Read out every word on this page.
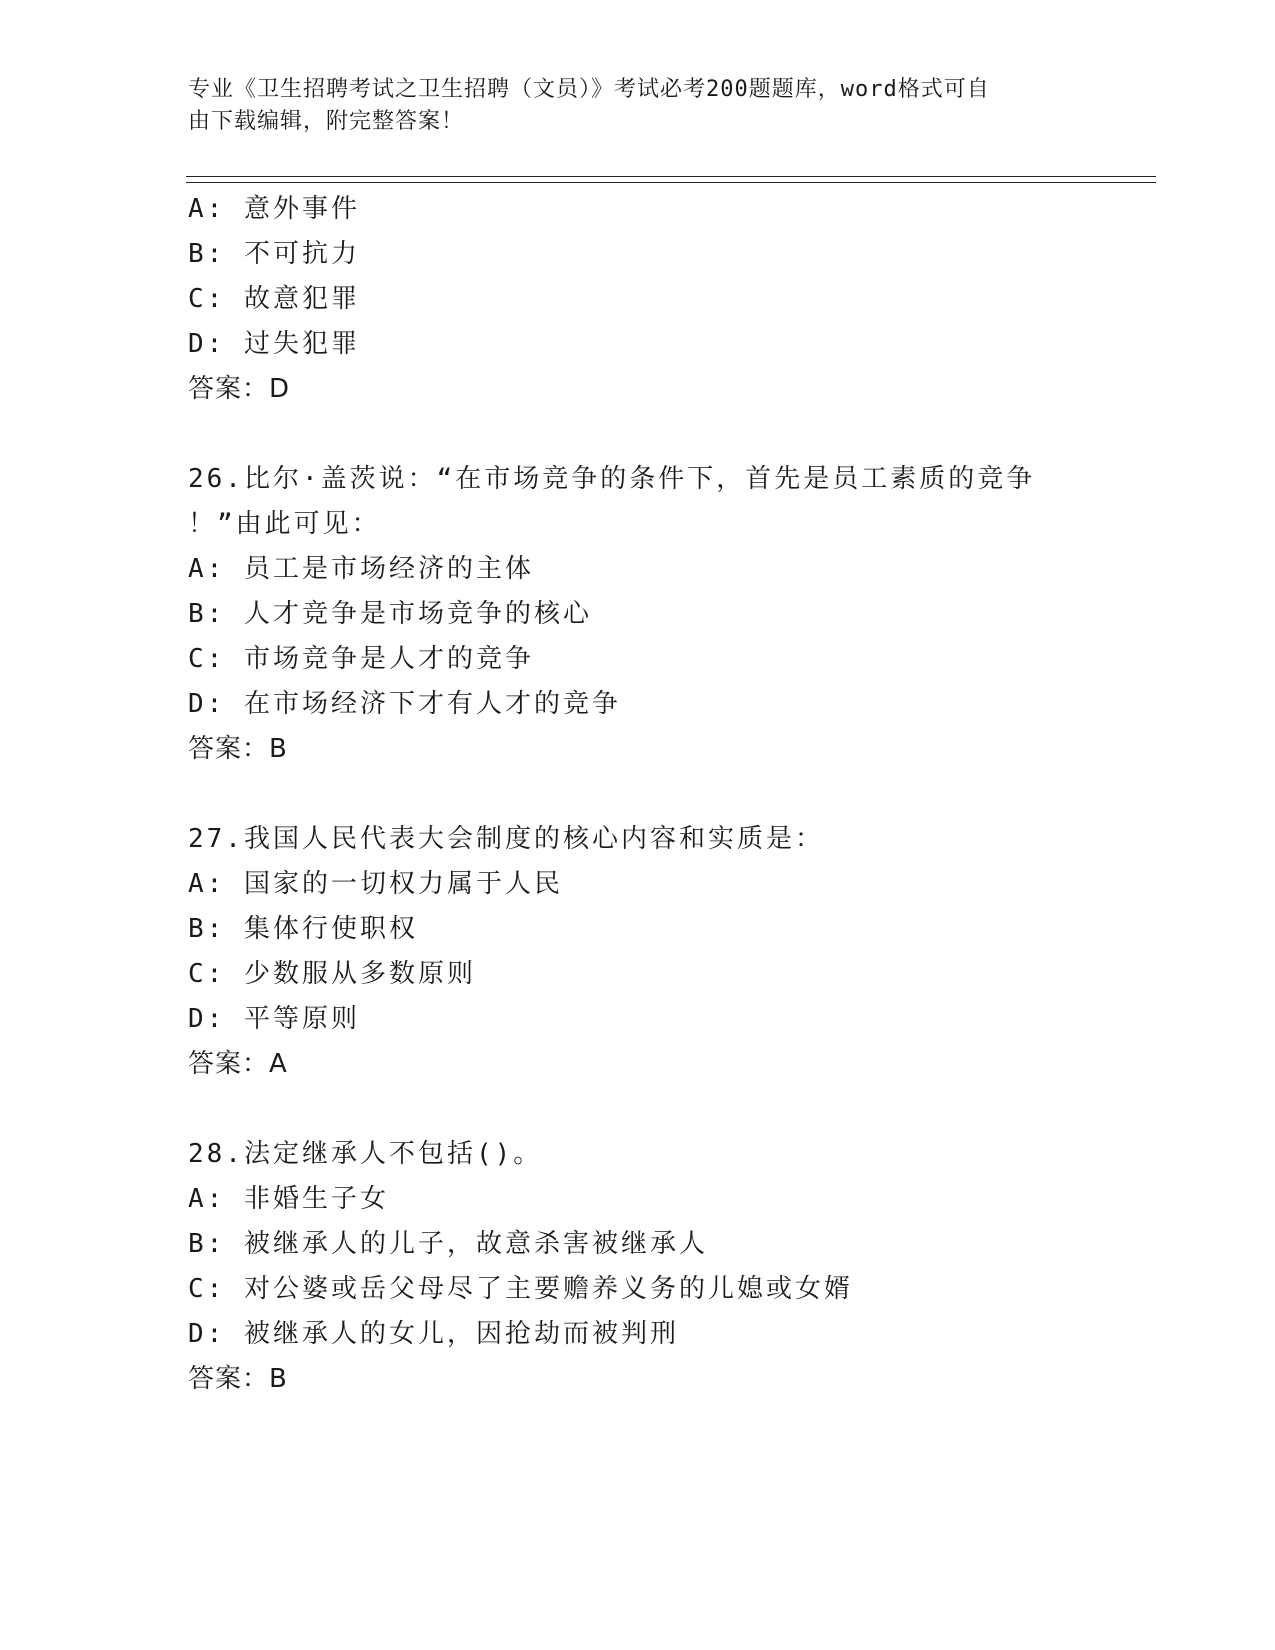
专业《卫生招聘考试之卫生招聘（文员）》考试必考200题题库，word格式可自
由下载编辑，附完整答案！
A: 意外事件
B: 不可抗力
C: 故意犯罪
D: 过失犯罪
答案：D
26.比尔·盖茨说：“在市场竞争的条件下，首先是员工素质的竞争
！”由此可见：
A: 员工是市场经济的主体
B: 人才竞争是市场竞争的核心
C: 市场竞争是人才的竞争
D: 在市场经济下才有人才的竞争
答案：B
27.我国人民代表大会制度的核心内容和实质是：
A: 国家的一切权力属于人民
B: 集体行使职权
C: 少数服从多数原则
D: 平等原则
答案：A
28.法定继承人不包括()。
A: 非婚生子女
B: 被继承人的儿子，故意杀害被继承人
C: 对公婆或岳父母尽了主要赡养义务的儿媳或女婿
D: 被继承人的女儿，因抢劫而被判刑
答案：B
